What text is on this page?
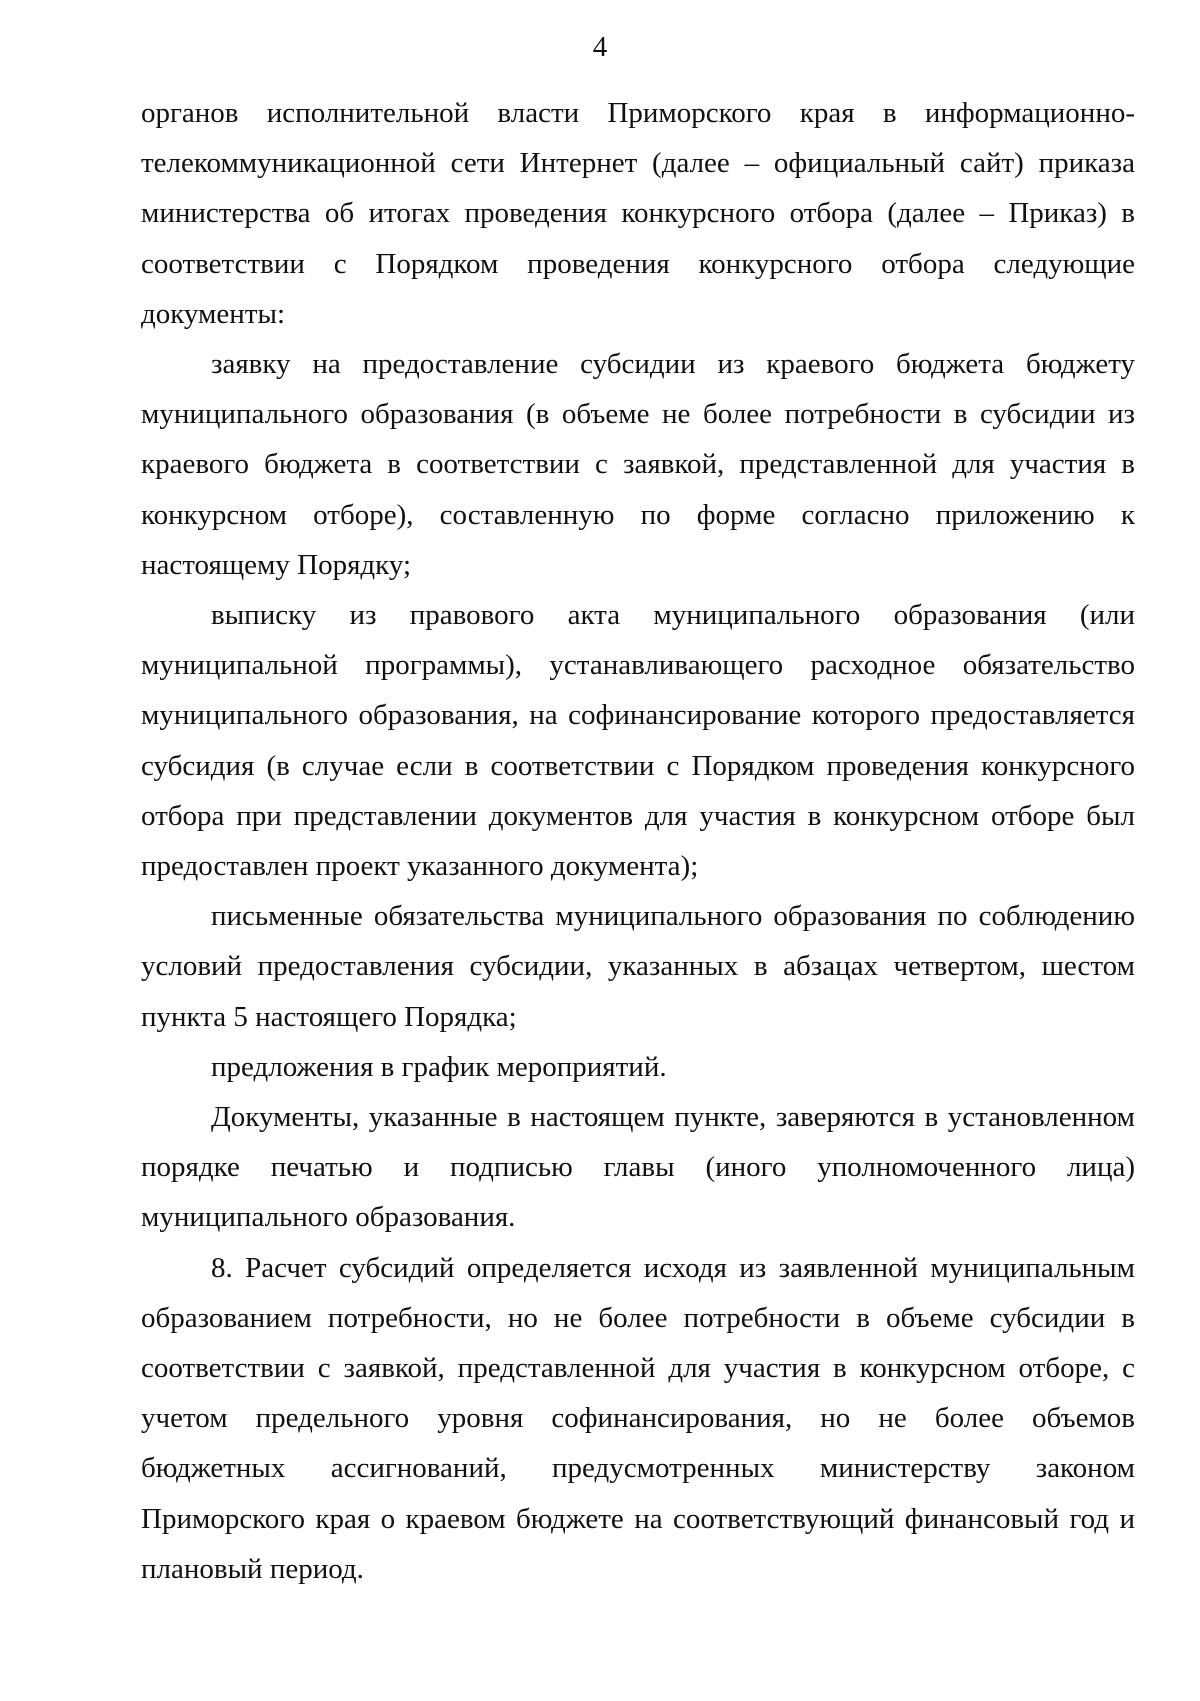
4

органов исполнительной власти Приморского края в информационно-телекоммуникационной сети Интернет (далее – официальный сайт) приказа министерства об итогах проведения конкурсного отбора (далее – Приказ) в соответствии с Порядком проведения конкурсного отбора следующие документы:

заявку на предоставление субсидии из краевого бюджета бюджету муниципального образования (в объеме не более потребности в субсидии из краевого бюджета в соответствии с заявкой, представленной для участия в конкурсном отборе), составленную по форме согласно приложению к настоящему Порядку;

выписку из правового акта муниципального образования (или муниципальной программы), устанавливающего расходное обязательство муниципального образования, на софинансирование которого предоставляется субсидия (в случае если в соответствии с Порядком проведения конкурсного отбора при представлении документов для участия в конкурсном отборе был предоставлен проект указанного документа);

письменные обязательства муниципального образования по соблюдению условий предоставления субсидии, указанных в абзацах четвертом, шестом пункта 5 настоящего Порядка;

предложения в график мероприятий.

Документы, указанные в настоящем пункте, заверяются в установленном порядке печатью и подписью главы (иного уполномоченного лица) муниципального образования.

8. Расчет субсидий определяется исходя из заявленной муниципальным образованием потребности, но не более потребности в объеме субсидии в соответствии с заявкой, представленной для участия в конкурсном отборе, с учетом предельного уровня софинансирования, но не более объемов бюджетных ассигнований, предусмотренных министерству законом Приморского края о краевом бюджете на соответствующий финансовый год и плановый период.
